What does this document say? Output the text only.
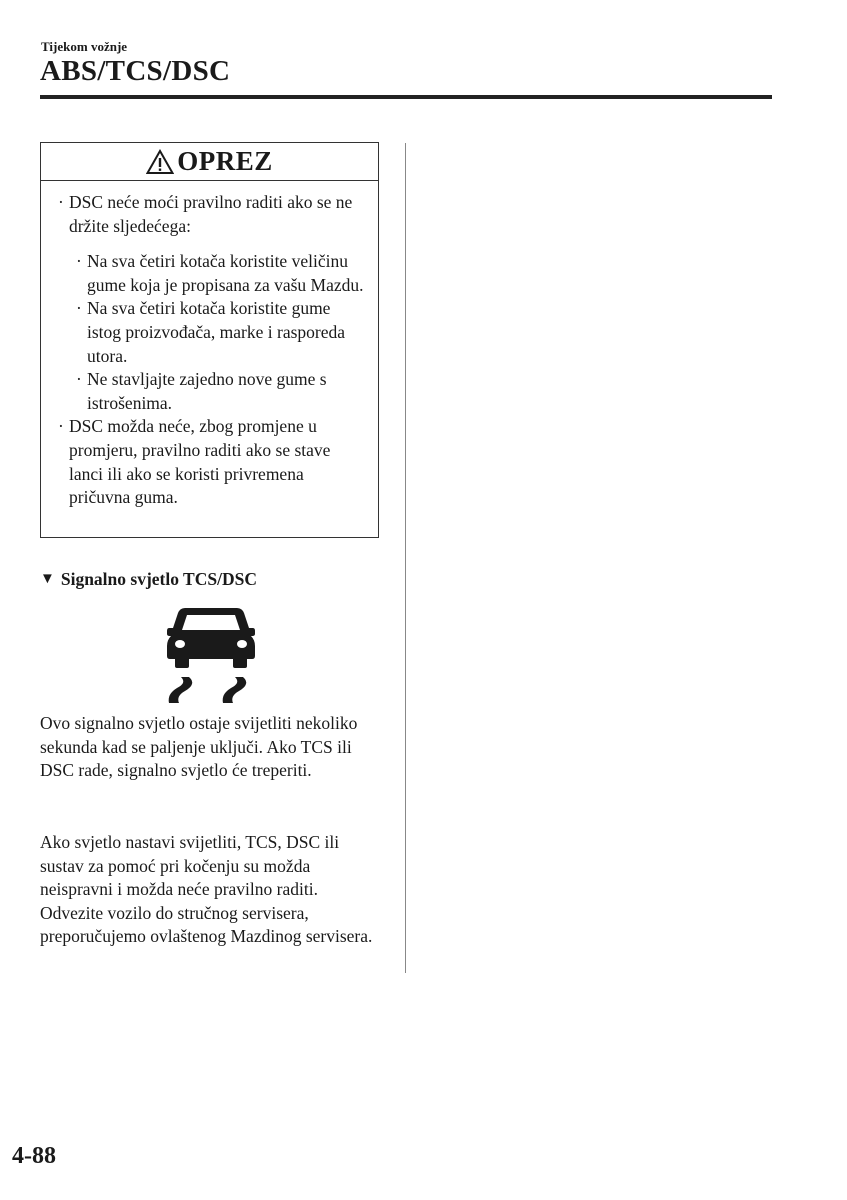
Tijekom vožnje
ABS/TCS/DSC
OPREZ
· DSC neće moći pravilno raditi ako se ne držite sljedećega:
· Na sva četiri kotača koristite veličinu gume koja je propisana za vašu Mazdu.
· Na sva četiri kotača koristite gume istog proizvođača, marke i rasporeda utora.
· Ne stavljajte zajedno nove gume s istrošenima.
· DSC možda neće, zbog promjene u promjeru, pravilno raditi ako se stave lanci ili ako se koristi privremena pričuvna guma.
▼ Signalno svjetlo TCS/DSC

Ovo signalno svjetlo ostaje svijetliti nekoliko sekunda kad se paljenje uključi. Ako TCS ili DSC rade, signalno svjetlo će treperiti.

Ako svjetlo nastavi svijetliti, TCS, DSC ili sustav za pomoć pri kočenju su možda neispravni i možda neće pravilno raditi. Odvezite vozilo do stručnog servisera, preporučujemo ovlaštenog Mazdinog servisera.

4-88
